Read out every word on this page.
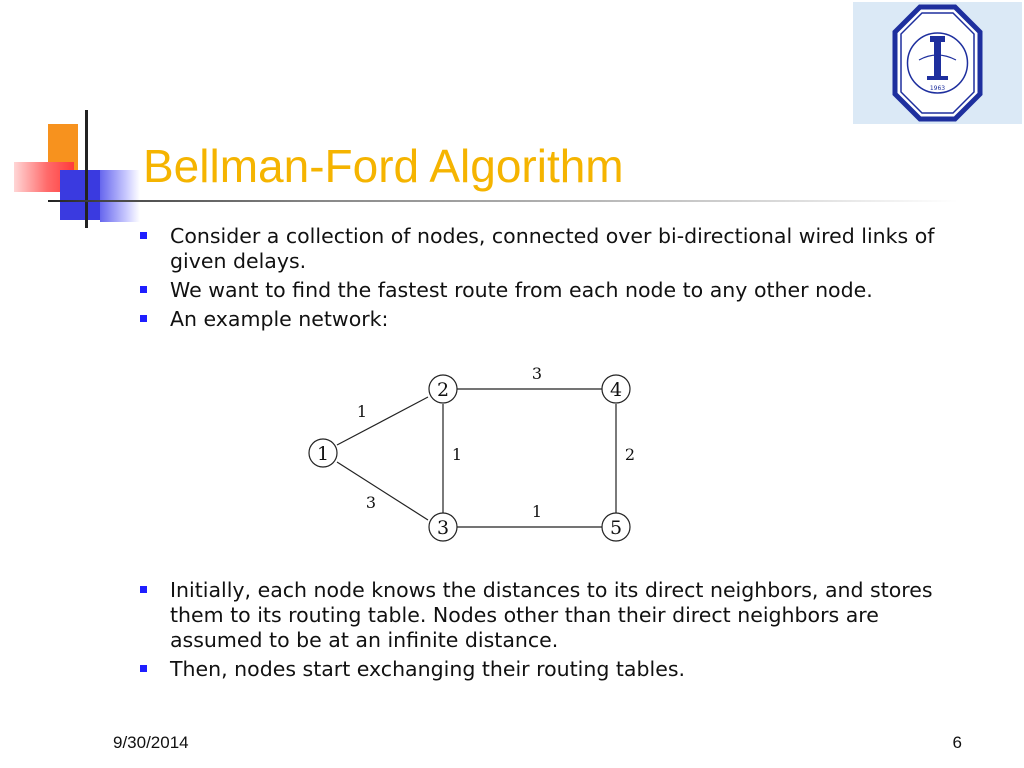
1963
Bellman-Ford Algorithm
Consider a collection of nodes, connected over bi-directional wired links of given delays.
We want to find the fastest route from each node to any other node.
An example network:
1
2
3
4
5
1
3
1
3
1
2
Initially, each node knows the distances to its direct neighbors, and stores them to its routing table. Nodes other than their direct neighbors are assumed to be at an infinite distance.
Then, nodes start exchanging their routing tables.
9/30/2014	6
